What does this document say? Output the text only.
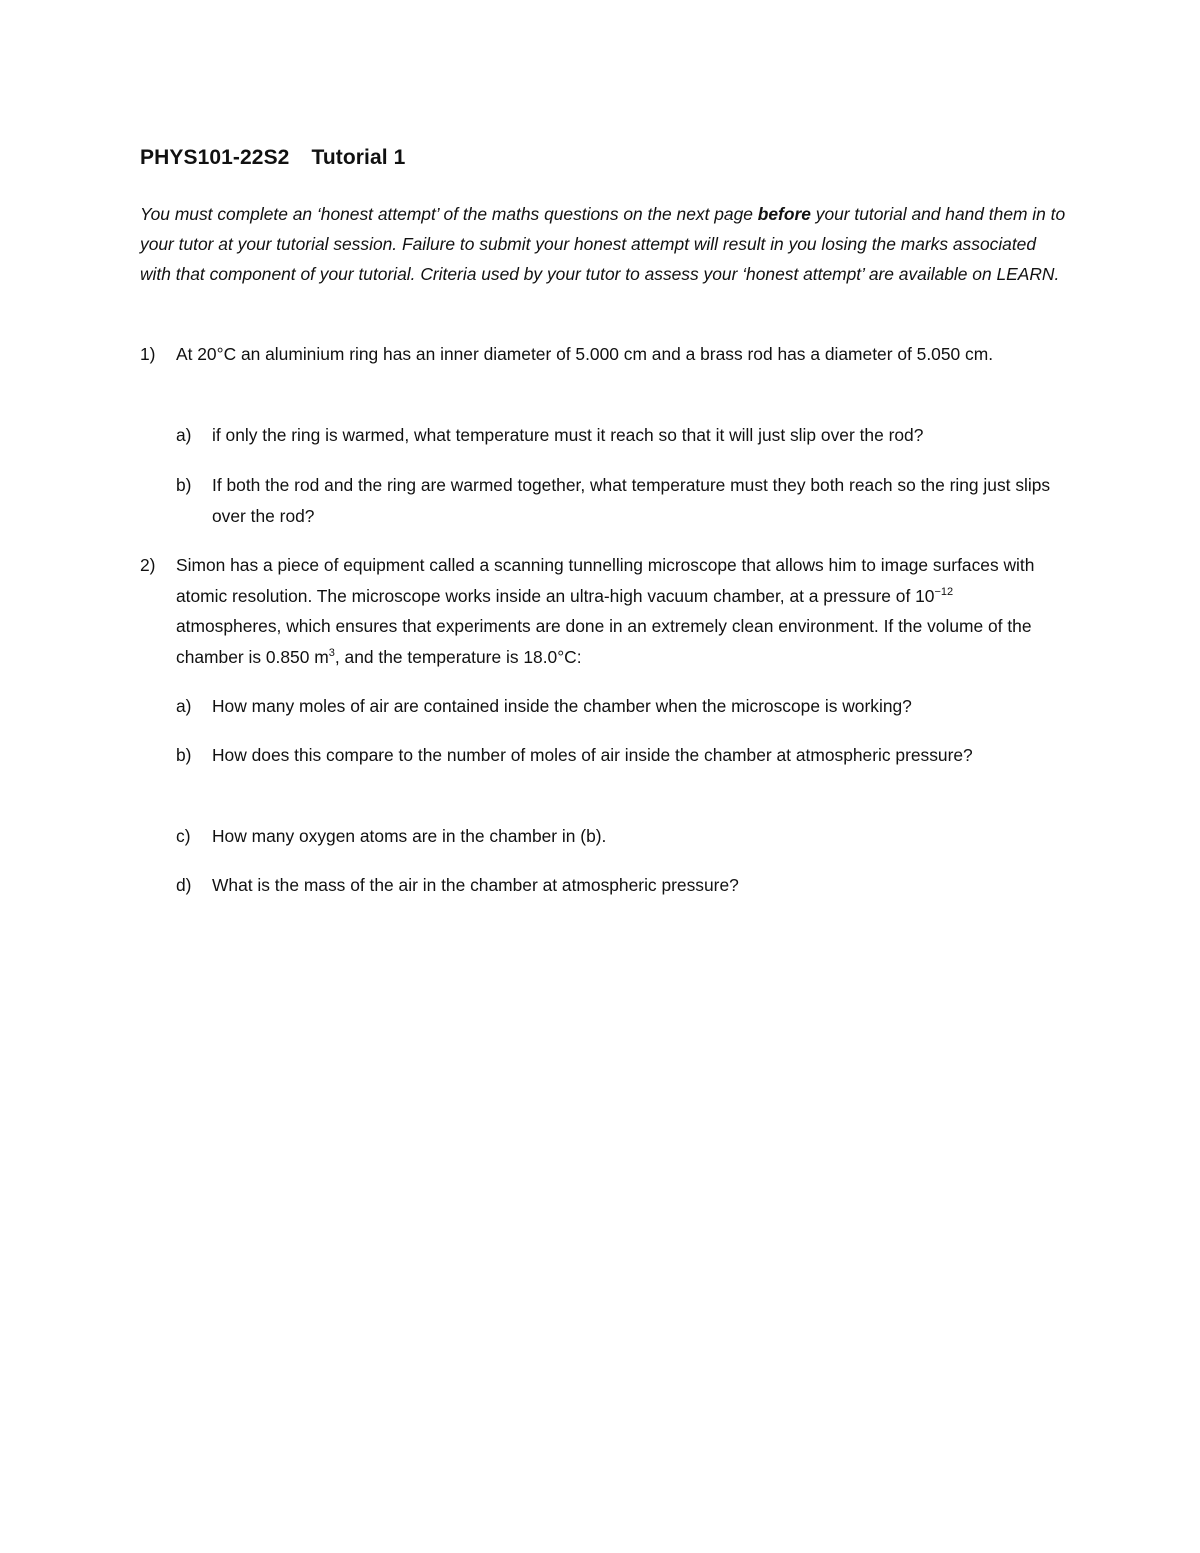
PHYS101-22S2 Tutorial 1
You must complete an ‘honest attempt’ of the maths questions on the next page before your tutorial and hand them in to your tutor at your tutorial session. Failure to submit your honest attempt will result in you losing the marks associated with that component of your tutorial. Criteria used by your tutor to assess your ‘honest attempt’ are available on LEARN.
1)	At 20°C an aluminium ring has an inner diameter of 5.000 cm and a brass rod has a diameter of 5.050 cm.
a)	if only the ring is warmed, what temperature must it reach so that it will just slip over the rod?
b)	If both the rod and the ring are warmed together, what temperature must they both reach so the ring just slips over the rod?
2)	Simon has a piece of equipment called a scanning tunnelling microscope that allows him to image surfaces with atomic resolution. The microscope works inside an ultra-high vacuum chamber, at a pressure of $10^{-12}$ atmospheres, which ensures that experiments are done in an extremely clean environment. If the volume of the chamber is 0.850 $m^3$, and the temperature is 18.0°C:
a)	How many moles of air are contained inside the chamber when the microscope is working?
b)	How does this compare to the number of moles of air inside the chamber at atmospheric pressure?
c)	How many oxygen atoms are in the chamber in (b).
d)	What is the mass of the air in the chamber at atmospheric pressure?
